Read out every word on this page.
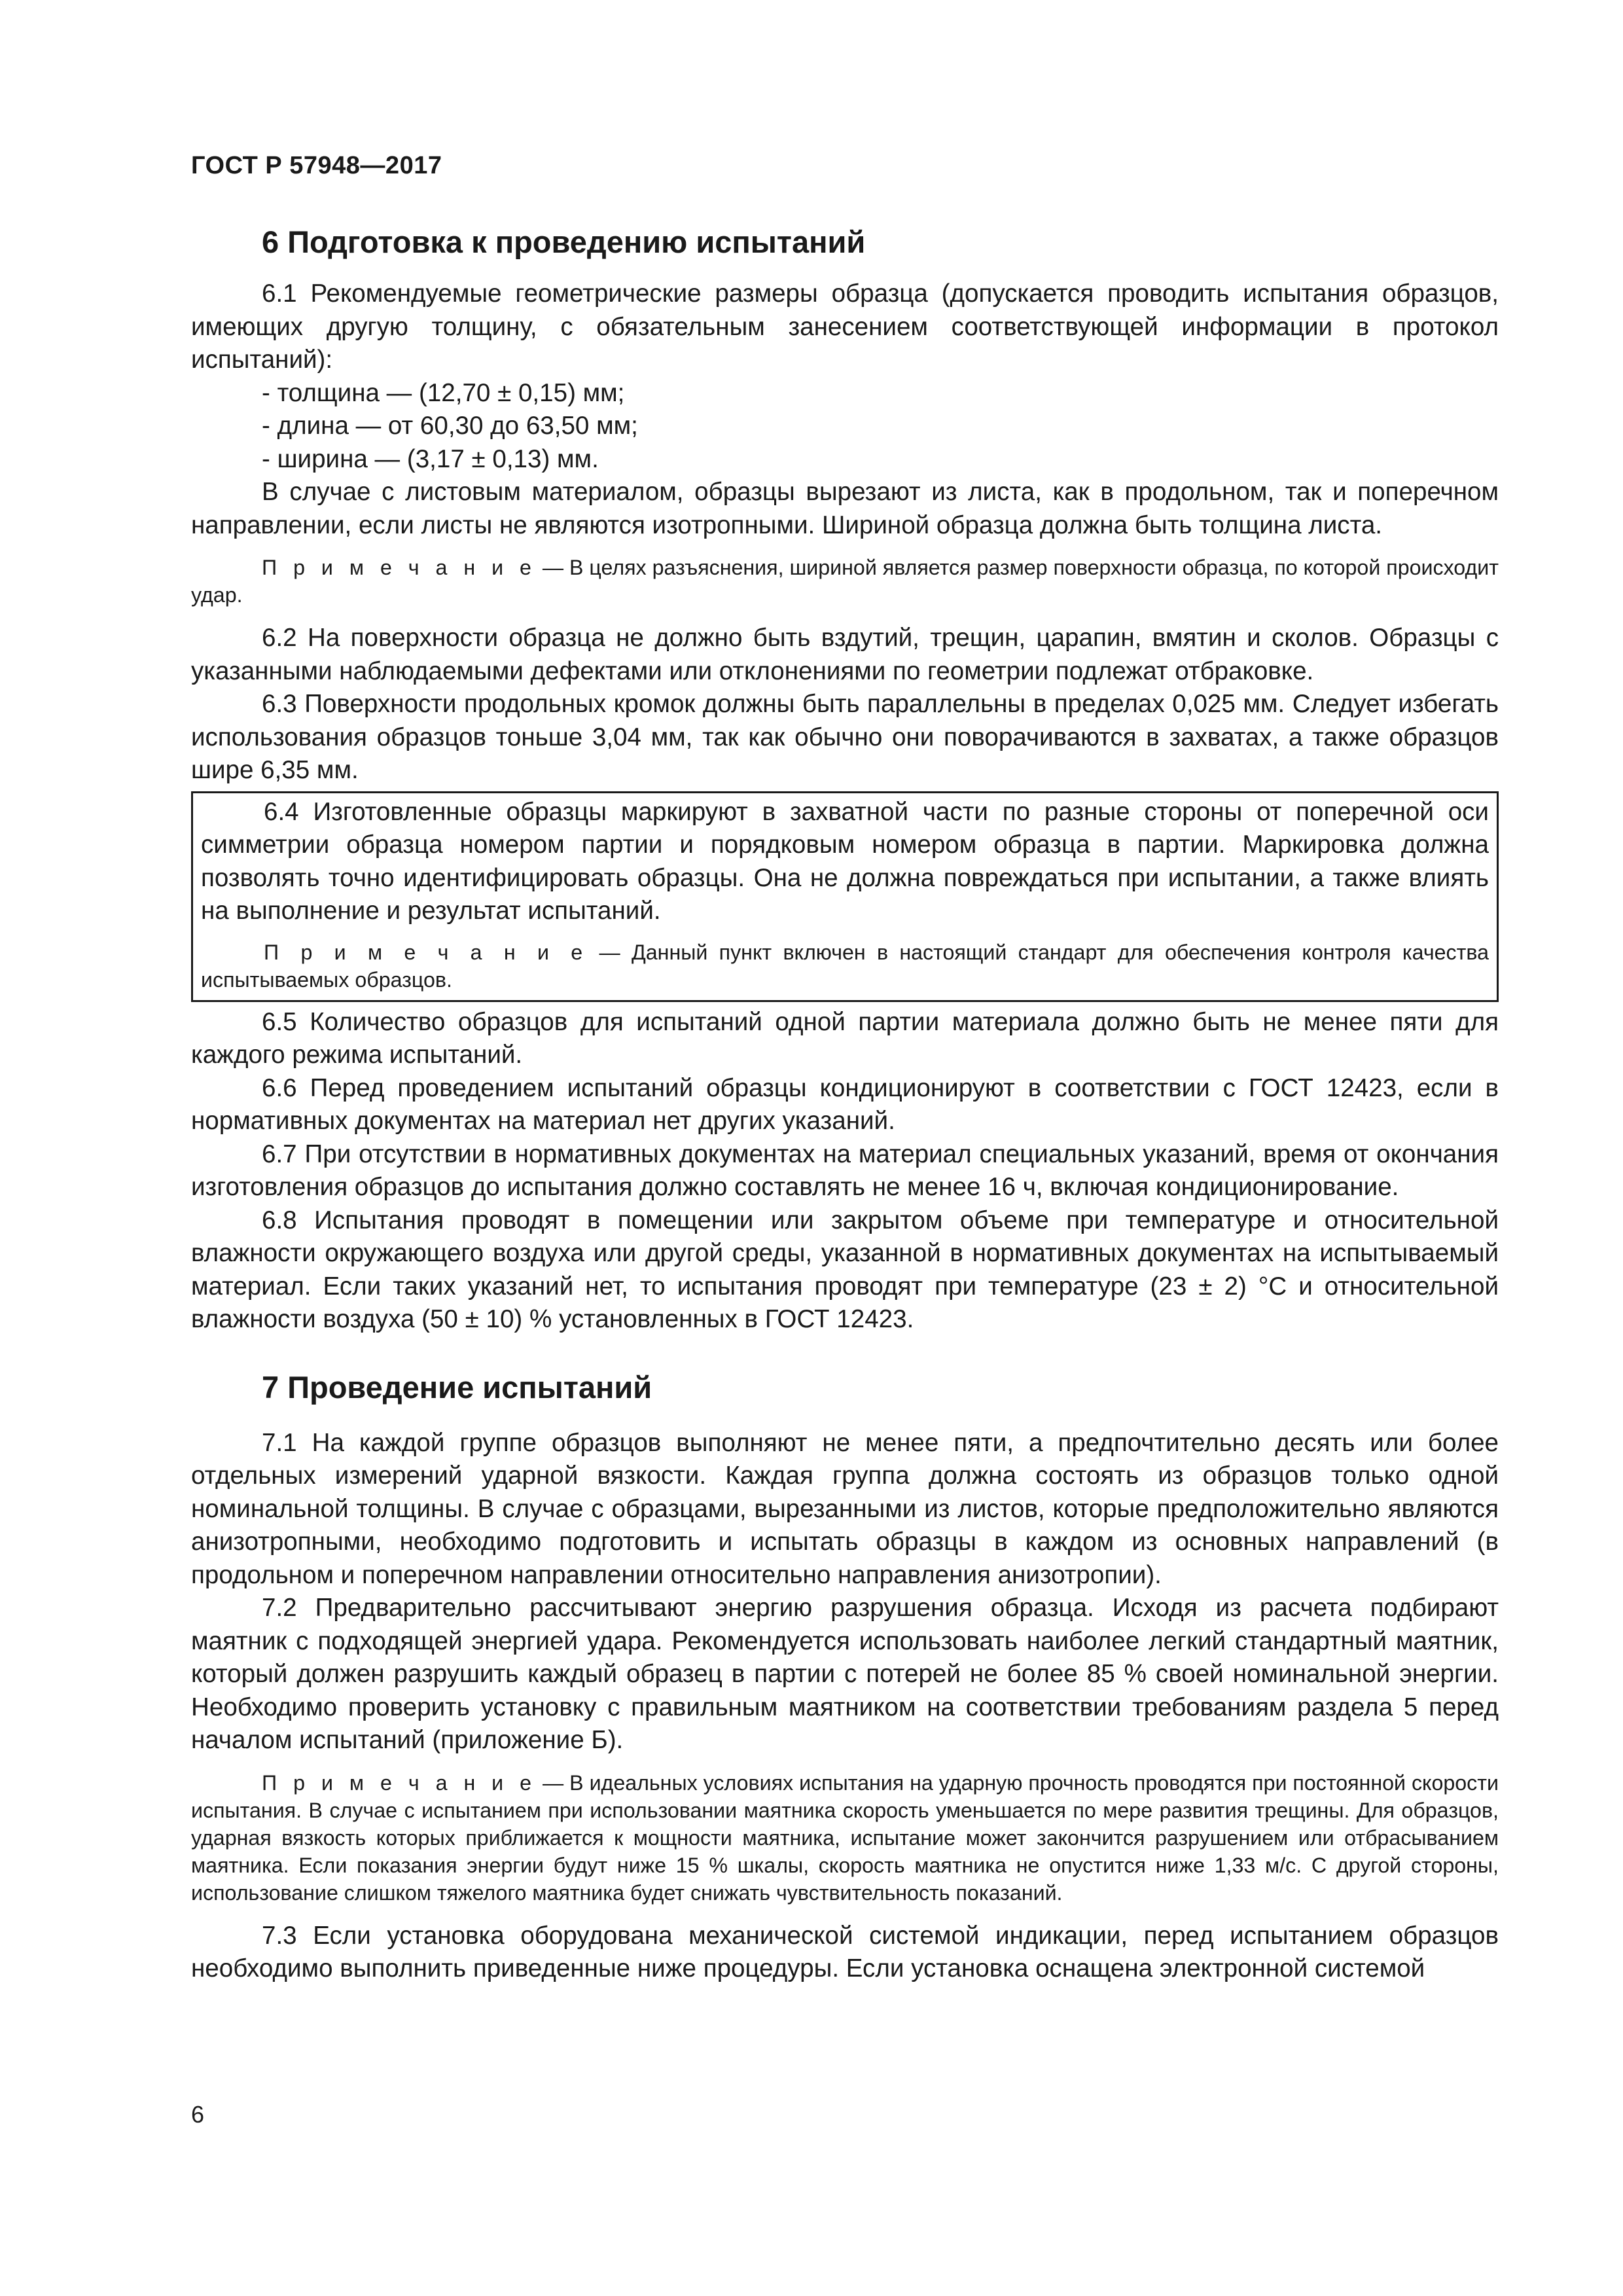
ГОСТ Р 57948—2017
6 Подготовка к проведению испытаний

6.1 Рекомендуемые геометрические размеры образца (допускается проводить испытания образцов, имеющих другую толщину, с обязательным занесением соответствующей информации в протокол испытаний):

- толщина — (12,70 ± 0,15) мм;

- длина — от 60,30 до 63,50 мм;

- ширина — (3,17 ± 0,13) мм.

В случае с листовым материалом, образцы вырезают из листа, как в продольном, так и поперечном направлении, если листы не являются изотропными. Шириной образца должна быть толщина листа.

П р и м е ч а н и е — В целях разъяснения, шириной является размер поверхности образца, по которой происходит удар.

6.2 На поверхности образца не должно быть вздутий, трещин, царапин, вмятин и сколов. Образцы с указанными наблюдаемыми дефектами или отклонениями по геометрии подлежат отбраковке.

6.3 Поверхности продольных кромок должны быть параллельны в пределах 0,025 мм. Следует избегать использования образцов тоньше 3,04 мм, так как обычно они поворачиваются в захватах, а также образцов шире 6,35 мм.

6.4 Изготовленные образцы маркируют в захватной части по разные стороны от поперечной оси симметрии образца номером партии и порядковым номером образца в партии. Маркировка должна позволять точно идентифицировать образцы. Она не должна повреждаться при испытании, а также влиять на выполнение и результат испытаний.

П р и м е ч а н и е — Данный пункт включен в настоящий стандарт для обеспечения контроля качества испытываемых образцов.

6.5 Количество образцов для испытаний одной партии материала должно быть не менее пяти для каждого режима испытаний.

6.6 Перед проведением испытаний образцы кондиционируют в соответствии с ГОСТ 12423, если в нормативных документах на материал нет других указаний.

6.7 При отсутствии в нормативных документах на материал специальных указаний, время от окончания изготовления образцов до испытания должно составлять не менее 16 ч, включая кондиционирование.

6.8 Испытания проводят в помещении или закрытом объеме при температуре и относительной влажности окружающего воздуха или другой среды, указанной в нормативных документах на испытываемый материал. Если таких указаний нет, то испытания проводят при температуре (23 ± 2) °С и относительной влажности воздуха (50 ± 10) % установленных в ГОСТ 12423.

7 Проведение испытаний

7.1 На каждой группе образцов выполняют не менее пяти, а предпочтительно десять или более отдельных измерений ударной вязкости. Каждая группа должна состоять из образцов только одной номинальной толщины. В случае с образцами, вырезанными из листов, которые предположительно являются анизотропными, необходимо подготовить и испытать образцы в каждом из основных направлений (в продольном и поперечном направлении относительно направления анизотропии).

7.2 Предварительно рассчитывают энергию разрушения образца. Исходя из расчета подбирают маятник с подходящей энергией удара. Рекомендуется использовать наиболее легкий стандартный маятник, который должен разрушить каждый образец в партии с потерей не более 85 % своей номинальной энергии. Необходимо проверить установку с правильным маятником на соответствии требованиям раздела 5 перед началом испытаний (приложение Б).

П р и м е ч а н и е — В идеальных условиях испытания на ударную прочность проводятся при постоянной скорости испытания. В случае с испытанием при использовании маятника скорость уменьшается по мере развития трещины. Для образцов, ударная вязкость которых приближается к мощности маятника, испытание может закончится разрушением или отбрасыванием маятника. Если показания энергии будут ниже 15 % шкалы, скорость маятника не опустится ниже 1,33 м/с. С другой стороны, использование слишком тяжелого маятника будет снижать чувствительность показаний.

7.3 Если установка оборудована механической системой индикации, перед испытанием образцов необходимо выполнить приведенные ниже процедуры. Если установка оснащена электронной системой

6
